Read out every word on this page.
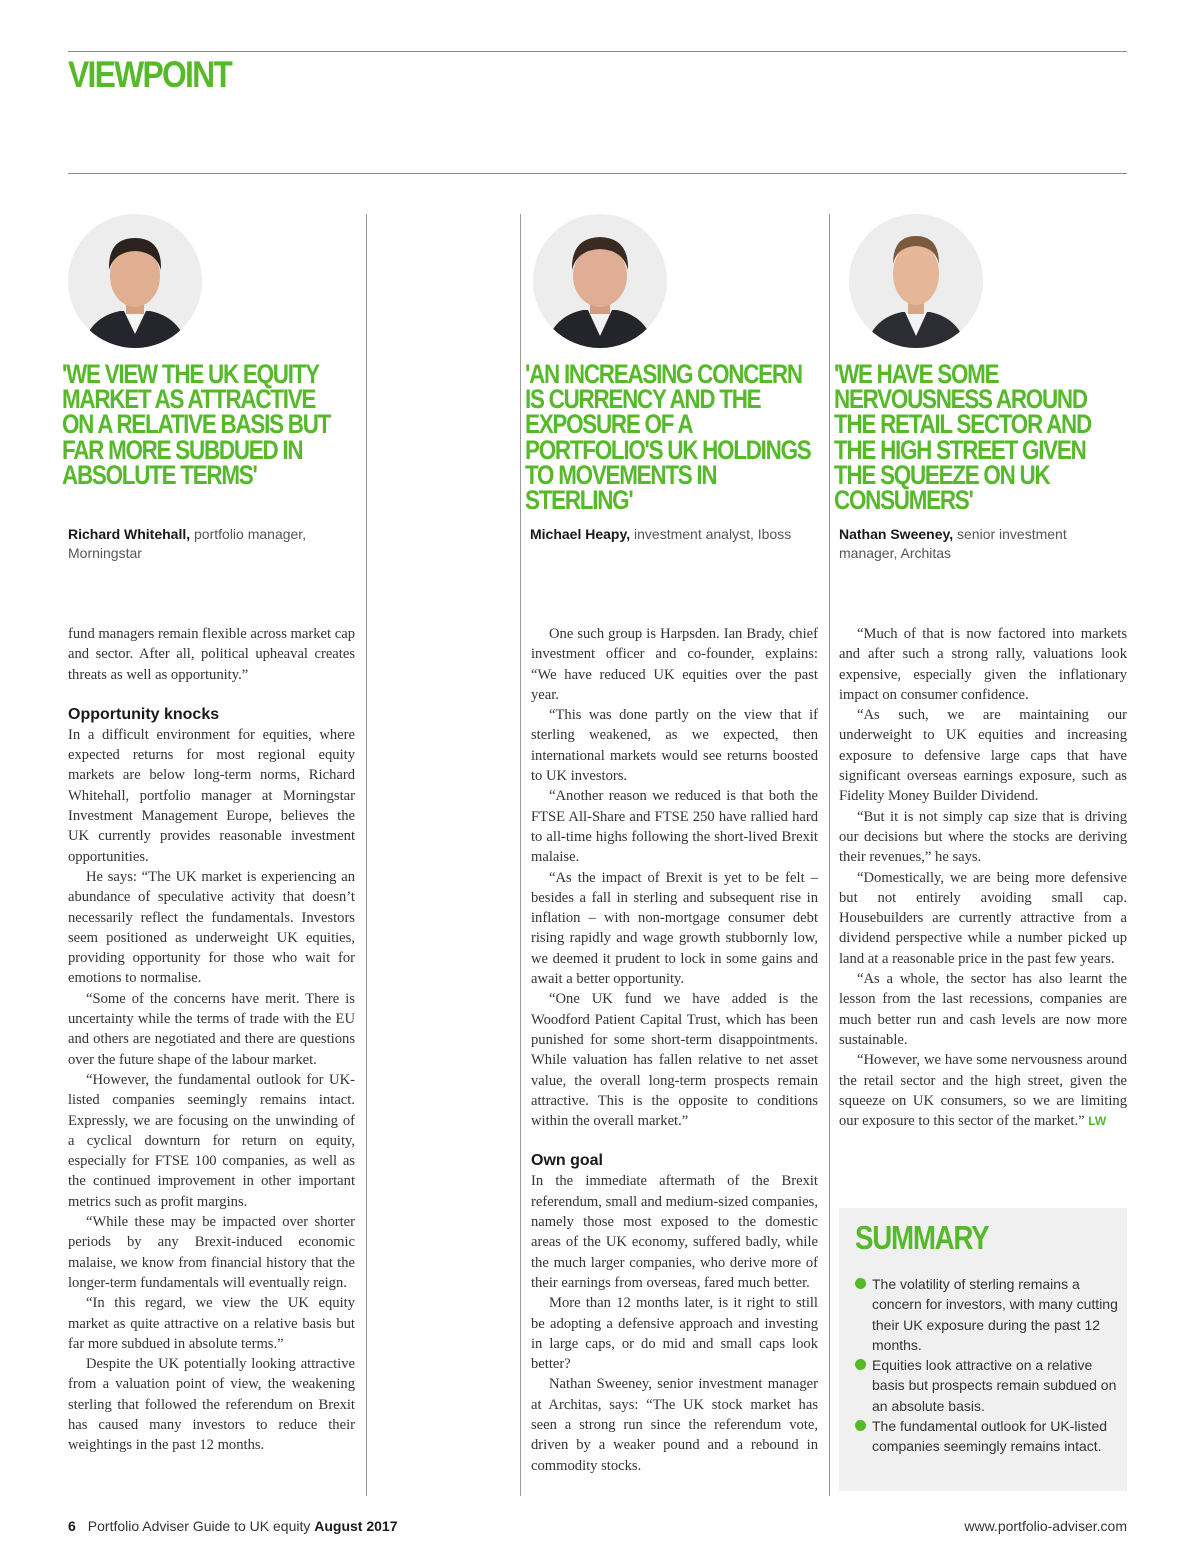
VIEWPOINT
'WE VIEW THE UK EQUITY MARKET AS ATTRACTIVE ON A RELATIVE BASIS BUT FAR MORE SUBDUED IN ABSOLUTE TERMS'
Richard Whitehall, portfolio manager, Morningstar
'AN INCREASING CONCERN IS CURRENCY AND THE EXPOSURE OF A PORTFOLIO'S UK HOLDINGS TO MOVEMENTS IN STERLING'
Michael Heapy, investment analyst, Iboss
'WE HAVE SOME NERVOUSNESS AROUND THE RETAIL SECTOR AND THE HIGH STREET GIVEN THE SQUEEZE ON UK CONSUMERS'
Nathan Sweeney, senior investment manager, Architas

fund managers remain flexible across market cap and sector. After all, political upheaval creates threats as well as opportunity.”

Opportunity knocks

In a difficult environment for equities, where expected returns for most regional equity markets are below long-term norms, Richard Whitehall, portfolio manager at Morningstar Investment Management Europe, believes the UK currently provides reasonable investment opportunities.

He says: “The UK market is experiencing an abundance of speculative activity that doesn’t necessarily reflect the fundamentals. Investors seem positioned as underweight UK equities, providing opportunity for those who wait for emotions to normalise.

“Some of the concerns have merit. There is uncertainty while the terms of trade with the EU and others are negotiated and there are questions over the future shape of the labour market.

“However, the fundamental outlook for UK-listed companies seemingly remains intact. Expressly, we are focusing on the unwinding of a cyclical downturn for return on equity, especially for FTSE 100 companies, as well as the continued improvement in other important metrics such as profit margins.

“While these may be impacted over shorter periods by any Brexit-induced economic malaise, we know from financial history that the longer-term fundamentals will eventually reign.

“In this regard, we view the UK equity market as quite attractive on a relative basis but far more subdued in absolute terms.”

Despite the UK potentially looking attractive from a valuation point of view, the weakening sterling that followed the referendum on Brexit has caused many investors to reduce their weightings in the past 12 months.

One such group is Harpsden. Ian Brady, chief investment officer and co-founder, explains: “We have reduced UK equities over the past year.

“This was done partly on the view that if sterling weakened, as we expected, then international markets would see returns boosted to UK investors.

“Another reason we reduced is that both the FTSE All-Share and FTSE 250 have rallied hard to all-time highs following the short-lived Brexit malaise.

“As the impact of Brexit is yet to be felt – besides a fall in sterling and subsequent rise in inflation – with non-mortgage consumer debt rising rapidly and wage growth stubbornly low, we deemed it prudent to lock in some gains and await a better opportunity.

“One UK fund we have added is the Woodford Patient Capital Trust, which has been punished for some short-term disappointments. While valuation has fallen relative to net asset value, the overall long-term prospects remain attractive. This is the opposite to conditions within the overall market.”

Own goal

In the immediate aftermath of the Brexit referendum, small and medium-sized companies, namely those most exposed to the domestic areas of the UK economy, suffered badly, while the much larger companies, who derive more of their earnings from overseas, fared much better.

More than 12 months later, is it right to still be adopting a defensive approach and investing in large caps, or do mid and small caps look better?

Nathan Sweeney, senior investment manager at Architas, says: “The UK stock market has seen a strong run since the referendum vote, driven by a weaker pound and a rebound in commodity stocks.

“Much of that is now factored into markets and after such a strong rally, valuations look expensive, especially given the inflationary impact on consumer confidence.

“As such, we are maintaining our underweight to UK equities and increasing exposure to defensive large caps that have significant overseas earnings exposure, such as Fidelity Money Builder Dividend.

“But it is not simply cap size that is driving our decisions but where the stocks are deriving their revenues,” he says.

“Domestically, we are being more defensive but not entirely avoiding small cap. Housebuilders are currently attractive from a dividend perspective while a number picked up land at a reasonable price in the past few years.

“As a whole, the sector has also learnt the lesson from the last recessions, companies are much better run and cash levels are now more sustainable.

“However, we have some nervousness around the retail sector and the high street, given the squeeze on UK consumers, so we are limiting our exposure to this sector of the market.” LW

SUMMARY
The volatility of sterling remains a concern for investors, with many cutting their UK exposure during the past 12 months.
Equities look attractive on a relative basis but prospects remain subdued on an absolute basis.
The fundamental outlook for UK-listed companies seemingly remains intact.
6 Portfolio Adviser Guide to UK equity August 2017	www.portfolio-adviser.com
